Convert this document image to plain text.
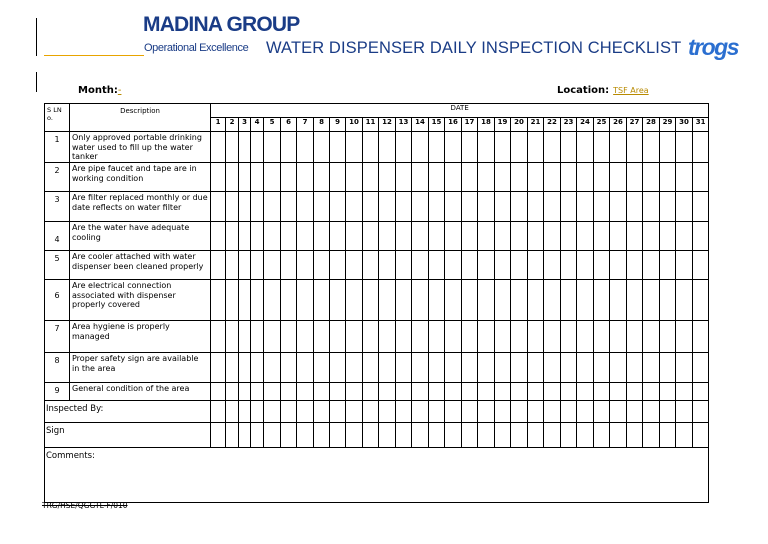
MADINA GROUP
Operational Excellence WATER DISPENSER DAILY INSPECTION CHECKLIST trogs
Month:-	Location: TSF Area
S LN o.	Description	DATE																														
		1	2	3	4	5	6	7	8	9	10	11	12	13	14	15	16	17	18	19	20	21	22	23	24	25	26	27	28	29	30	31
1	Only approved portable drinking water used to fill up the water tanker																															
2	Are pipe faucet and tape are in working condition																															
3	Are filter replaced monthly or due date reflects on water filter																															
4	Are the water have adequate cooling																															
5	Are cooler attached with water dispenser been cleaned properly																															
6	Are electrical connection associated with dispenser properly covered																															
7	Area hygiene is properly managed																															
8	Proper safety sign are available in the area																															
9	General condition of the area																															
Inspected By:																																
Sign																																
Comments:																																
TRG/HSE/QGGTL-F/010
